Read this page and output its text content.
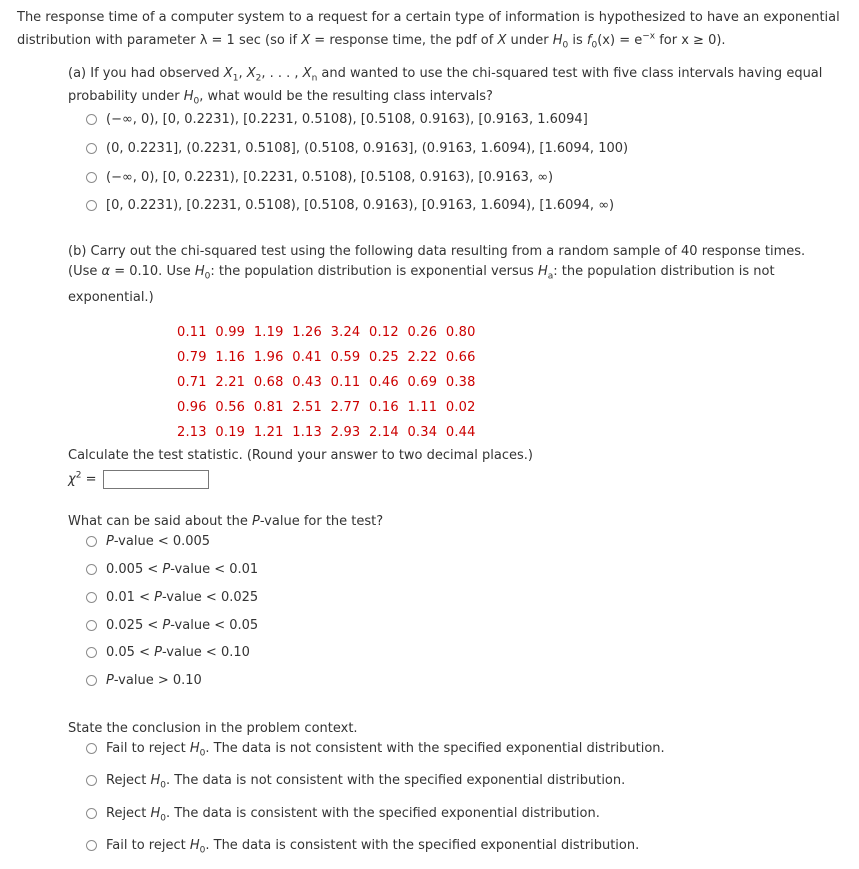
The response time of a computer system to a request for a certain type of information is hypothesized to have an exponential
distribution with parameter λ = 1 sec (so if X = response time, the pdf of X under $H_0$ is $f_0(x) = e^{-x}$ for x ≥ 0).
(a) If you had observed $X_1$, $X_2$, . . . , $X_n$ and wanted to use the chi-squared test with five class intervals having equal
probability under $H_0$, what would be the resulting class intervals?
(−∞, 0), [0, 0.2231), [0.2231, 0.5108), [0.5108, 0.9163), [0.9163, 1.6094]
(0, 0.2231], (0.2231, 0.5108], (0.5108, 0.9163], (0.9163, 1.6094), [1.6094, 100)
(−∞, 0), [0, 0.2231), [0.2231, 0.5108), [0.5108, 0.9163), [0.9163, ∞)
[0, 0.2231), [0.2231, 0.5108), [0.5108, 0.9163), [0.9163, 1.6094), [1.6094, ∞)
(b) Carry out the chi-squared test using the following data resulting from a random sample of 40 response times.
(Use α = 0.10. Use $H_0$: the population distribution is exponential versus $H_a$: the population distribution is not
exponential.)
0.11  0.99  1.19  1.26  3.24  0.12  0.26  0.80
0.79  1.16  1.96  0.41  0.59  0.25  2.22  0.66
0.71  2.21  0.68  0.43  0.11  0.46  0.69  0.38
0.96  0.56  0.81  2.51  2.77  0.16  1.11  0.02
2.13  0.19  1.21  1.13  2.93  2.14  0.34  0.44
Calculate the test statistic. (Round your answer to two decimal places.)
$\chi^2$ =
What can be said about the P-value for the test?
P-value < 0.005
0.005 < P-value < 0.01
0.01 < P-value < 0.025
0.025 < P-value < 0.05
0.05 < P-value < 0.10
P-value > 0.10
State the conclusion in the problem context.
Fail to reject $H_0$. The data is not consistent with the specified exponential distribution.
Reject $H_0$. The data is not consistent with the specified exponential distribution.
Reject $H_0$. The data is consistent with the specified exponential distribution.
Fail to reject $H_0$. The data is consistent with the specified exponential distribution.
